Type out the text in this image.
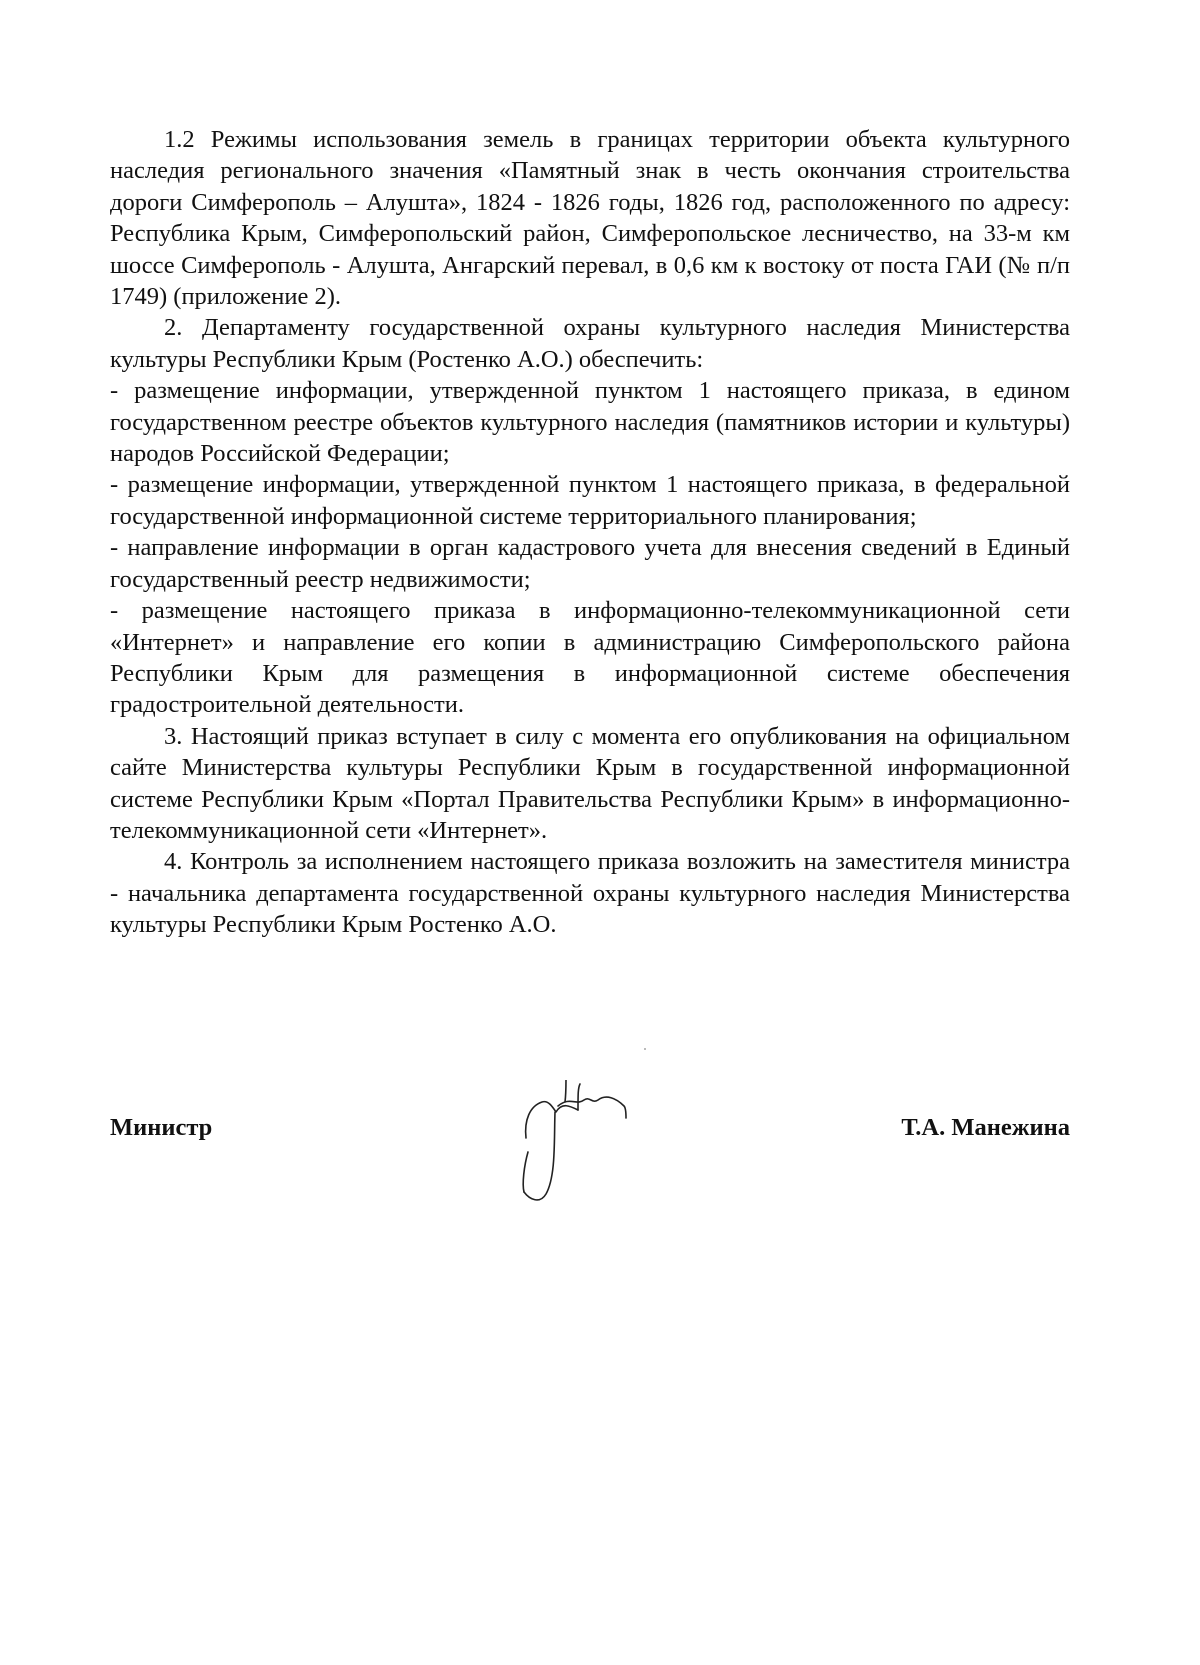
1.2 Режимы использования земель в границах территории объекта культурного наследия регионального значения «Памятный знак в честь окончания строительства дороги Симферополь – Алушта», 1824 - 1826 годы, 1826 год, расположенного по адресу: Республика Крым, Симферопольский район, Симферопольское лесничество, на 33-м км шоссе Симферополь - Алушта, Ангарский перевал, в 0,6 км к востоку от поста ГАИ (№ п/п 1749) (приложение 2).

2. Департаменту государственной охраны культурного наследия Министерства культуры Республики Крым (Ростенко А.О.) обеспечить:

- размещение информации, утвержденной пунктом 1 настоящего приказа, в едином государственном реестре объектов культурного наследия (памятников истории и культуры) народов Российской Федерации;

- размещение информации, утвержденной пунктом 1 настоящего приказа, в федеральной государственной информационной системе территориального планирования;

- направление информации в орган кадастрового учета для внесения сведений в Единый государственный реестр недвижимости;

- размещение настоящего приказа в информационно-телекоммуникационной сети «Интернет» и направление его копии в администрацию Симферопольского района Республики Крым для размещения в информационной системе обеспечения градостроительной деятельности.

3. Настоящий приказ вступает в силу с момента его опубликования на официальном сайте Министерства культуры Республики Крым в государственной информационной системе Республики Крым «Портал Правительства Республики Крым» в информационно-телекоммуникационной сети «Интернет».

4. Контроль за исполнением настоящего приказа возложить на заместителя министра - начальника департамента государственной охраны культурного наследия Министерства культуры Республики Крым Ростенко А.О.

Министр	Т.А. Манежина
